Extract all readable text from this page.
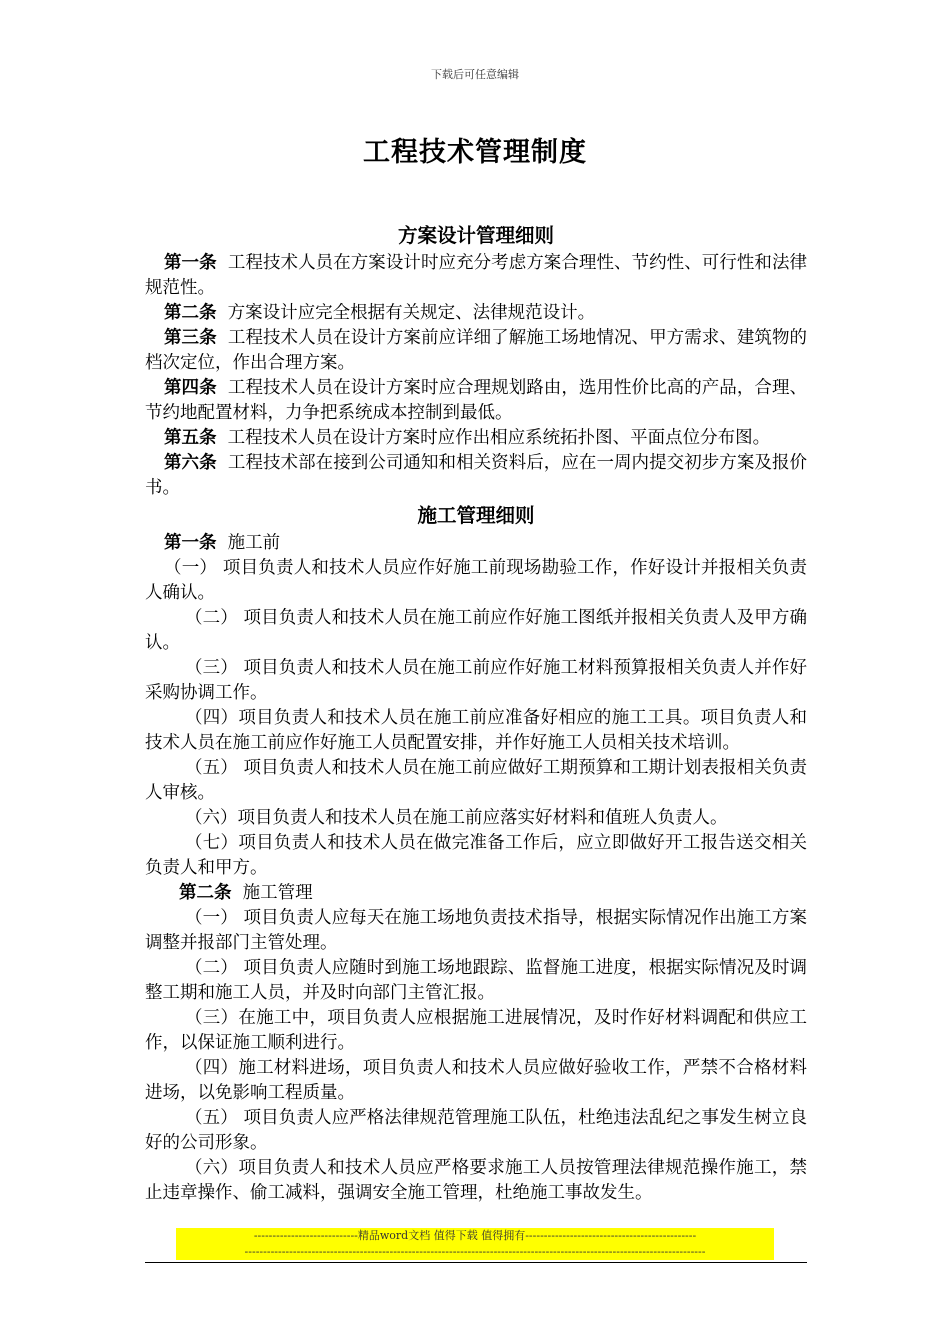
下载后可任意编辑
工程技术管理制度
方案设计管理细则

第一条 工程技术人员在方案设计时应充分考虑方案合理性、节约性、可行性和法律规范性。

第二条 方案设计应完全根据有关规定、法律规范设计。

第三条 工程技术人员在设计方案前应详细了解施工场地情况、甲方需求、建筑物的档次定位，作出合理方案。

第四条 工程技术人员在设计方案时应合理规划路由，选用性价比高的产品，合理、节约地配置材料，力争把系统成本控制到最低。

第五条 工程技术人员在设计方案时应作出相应系统拓扑图、平面点位分布图。

第六条 工程技术部在接到公司通知和相关资料后，应在一周内提交初步方案及报价书。

施工管理细则

第一条 施工前

（一） 项目负责人和技术人员应作好施工前现场勘验工作，作好设计并报相关负责人确认。

（二） 项目负责人和技术人员在施工前应作好施工图纸并报相关负责人及甲方确认。

（三） 项目负责人和技术人员在施工前应作好施工材料预算报相关负责人并作好采购协调工作。

（四）项目负责人和技术人员在施工前应准备好相应的施工工具。项目负责人和技术人员在施工前应作好施工人员配置安排，并作好施工人员相关技术培训。

（五） 项目负责人和技术人员在施工前应做好工期预算和工期计划表报相关负责人审核。

（六）项目负责人和技术人员在施工前应落实好材料和值班人负责人。

（七）项目负责人和技术人员在做完准备工作后，应立即做好开工报告送交相关负责人和甲方。

第二条 施工管理

（一） 项目负责人应每天在施工场地负责技术指导，根据实际情况作出施工方案调整并报部门主管处理。

（二） 项目负责人应随时到施工场地跟踪、监督施工进度，根据实际情况及时调整工期和施工人员，并及时向部门主管汇报。

（三）在施工中，项目负责人应根据施工进展情况，及时作好材料调配和供应工作，以保证施工顺利进行。

（四）施工材料进场，项目负责人和技术人员应做好验收工作，严禁不合格材料进场，以免影响工程质量。

（五） 项目负责人应严格法律规范管理施工队伍，杜绝违法乱纪之事发生树立良好的公司形象。

（六）项目负责人和技术人员应严格要求施工人员按管理法律规范操作施工，禁止违章操作、偷工减料，强调安全施工管理，杜绝施工事故发生。

----------------------------精品word文档 值得下载 值得拥有----------------------------------------------
----------------------------------------------------------------------------------------------------------------------------
